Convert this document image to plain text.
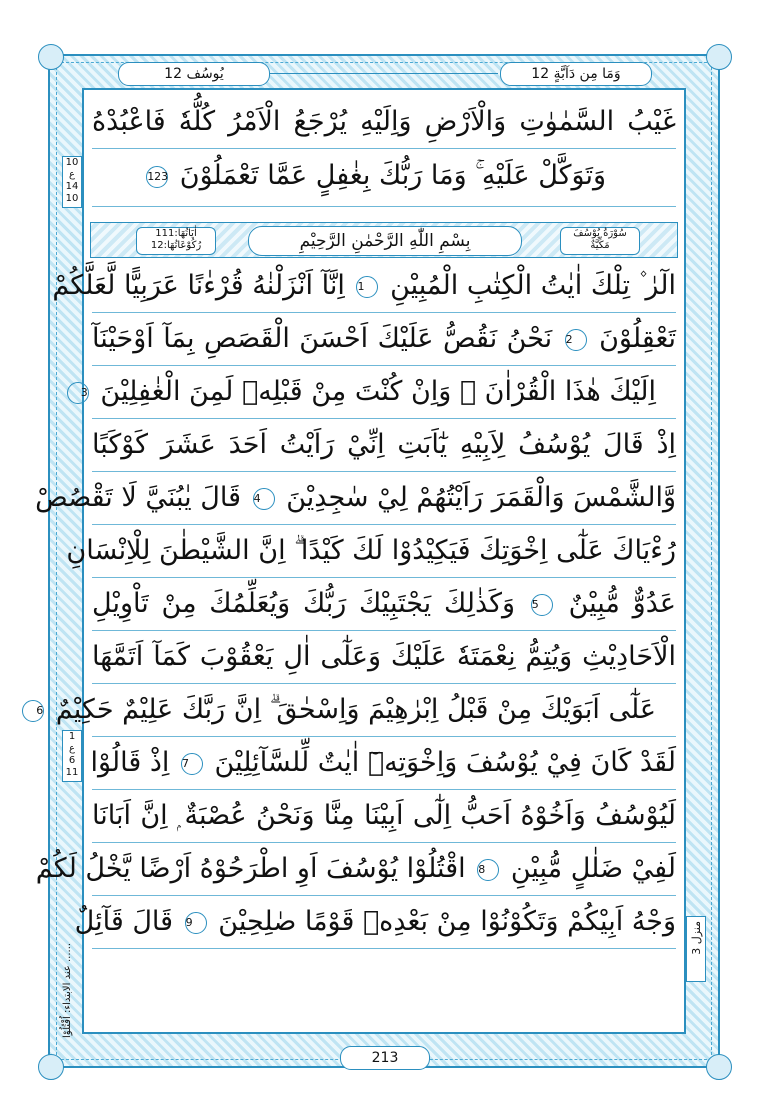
يُوسُف 12	وَمَا مِن دَآبَّةٍ 12
غَيْبُ السَّمٰوٰتِ وَالْاَرْضِ وَاِلَيْهِ يُرْجَعُ الْاَمْرُ كُلُّهٗ فَاعْبُدْهُ
وَتَوَكَّلْ عَلَيْهِ ۚ وَمَا رَبُّكَ بِغٰفِلٍ عَمَّا تَعْمَلُوْنَ 123
بِسْمِ اللّٰهِ الرَّحْمٰنِ الرَّحِيْمِ	سُوْرَةُ يُوْسُفَ
مَكِّيَّةٌ
اٰيَاتُهَا:111
رُكُوْعَاتُهَا:12
الٓرٰ ۫ تِلْكَ اٰيٰتُ الْكِتٰبِ الْمُبِيْنِ 1 اِنَّآ اَنْزَلْنٰهُ قُرْءٰنًا عَرَبِيًّا لَّعَلَّكُمْ
تَعْقِلُوْنَ 2 نَحْنُ نَقُصُّ عَلَيْكَ اَحْسَنَ الْقَصَصِ بِمَآ اَوْحَيْنَآ
اِلَيْكَ هٰذَا الْقُرْاٰنَ ۖ وَاِنْ كُنْتَ مِنْ قَبْلِهٖ لَمِنَ الْغٰفِلِيْنَ 3
اِذْ قَالَ يُوْسُفُ لِاَبِيْهِ يٰٓاَبَتِ اِنِّيْ رَاَيْتُ اَحَدَ عَشَرَ كَوْكَبًا
وَّالشَّمْسَ وَالْقَمَرَ رَاَيْتُهُمْ لِيْ سٰجِدِيْنَ 4 قَالَ يٰبُنَيَّ لَا تَقْصُصْ
رُءْيَاكَ عَلٰٓى اِخْوَتِكَ فَيَكِيْدُوْا لَكَ كَيْدًا ۗ اِنَّ الشَّيْطٰنَ لِلْاِنْسَانِ
عَدُوٌّ مُّبِيْنٌ 5 وَكَذٰلِكَ يَجْتَبِيْكَ رَبُّكَ وَيُعَلِّمُكَ مِنْ تَاْوِيْلِ
الْاَحَادِيْثِ وَيُتِمُّ نِعْمَتَهٗ عَلَيْكَ وَعَلٰٓى اٰلِ يَعْقُوْبَ كَمَآ اَتَمَّهَا
عَلٰٓى اَبَوَيْكَ مِنْ قَبْلُ اِبْرٰهِيْمَ وَاِسْحٰقَ ۗ اِنَّ رَبَّكَ عَلِيْمٌ حَكِيْمٌ 6
لَقَدْ كَانَ فِيْ يُوْسُفَ وَاِخْوَتِهٖٓ اٰيٰتٌ لِّلسَّآئِلِيْنَ 7 اِذْ قَالُوْا
لَيُوْسُفُ وَاَخُوْهُ اَحَبُّ اِلٰٓى اَبِيْنَا مِنَّا وَنَحْنُ عُصْبَةٌ ۭ اِنَّ اَبَانَا
لَفِيْ ضَلٰلٍ مُّبِيْنِ 8 اقْتُلُوْا يُوْسُفَ اَوِ اطْرَحُوْهُ اَرْضًا يَّخْلُ لَكُمْ
وَجْهُ اَبِيْكُمْ وَتَكُوْنُوْا مِنْ بَعْدِهٖ قَوْمًا صٰلِحِيْنَ 9 قَالَ قَآئِلٌ
10
ع
14
10
1
ع
6
11
منزل 3
...... عند الابتداء: اُقْتُلُوْا
213
